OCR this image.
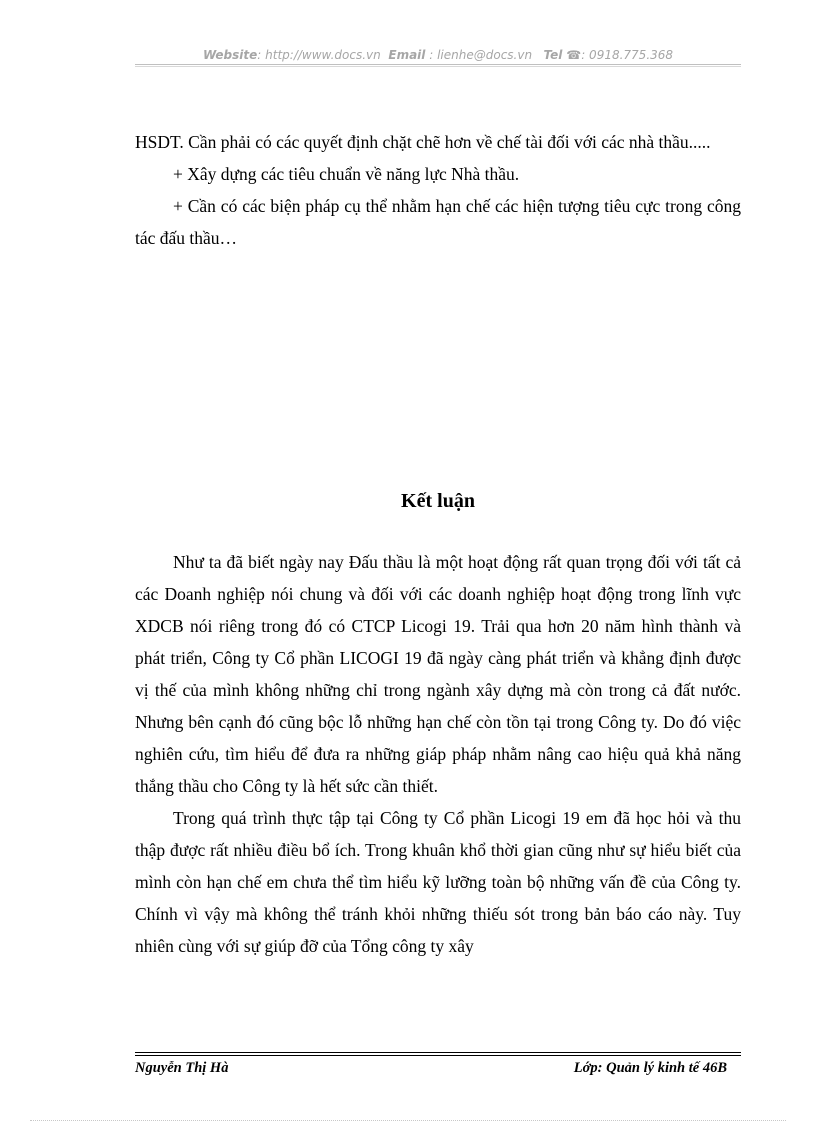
Website: http://www.docs.vn Email : lienhe@docs.vn Tel ☎: 0918.775.368

HSDT. Cần phải có các quyết định chặt chẽ hơn về chế tài đối với các nhà thầu.....

+ Xây dựng các tiêu chuẩn về năng lực Nhà thầu.

+ Cần có các biện pháp cụ thể nhằm hạn chế các hiện tượng tiêu cực trong công tác đấu thầu…

Kết luận

Như ta đã biết ngày nay Đấu thầu là một hoạt động rất quan trọng đối với tất cả các Doanh nghiệp nói chung và đối với các doanh nghiệp hoạt động trong lĩnh vực XDCB nói riêng trong đó có CTCP Licogi 19. Trải qua hơn 20 năm hình thành và phát triển, Công ty Cổ phần LICOGI 19 đã ngày càng phát triển và khẳng định được vị thế của mình không những chỉ trong ngành xây dựng mà còn trong cả đất nước. Nhưng bên cạnh đó cũng bộc lỗ những hạn chế còn tồn tại trong Công ty. Do đó việc nghiên cứu, tìm hiểu để đưa ra những giáp pháp nhằm nâng cao hiệu quả khả năng thắng thầu cho Công ty là hết sức cần thiết.

Trong quá trình thực tập tại Công ty Cổ phần Licogi 19 em đã học hỏi và thu thập được rất nhiều điều bổ ích. Trong khuân khổ thời gian cũng như sự hiểu biết của mình còn hạn chế em chưa thể tìm hiểu kỹ lưỡng toàn bộ những vấn đề của Công ty. Chính vì vậy mà không thể tránh khỏi những thiếu sót trong bản báo cáo này. Tuy nhiên cùng với sự giúp đỡ của Tổng công ty xây

Nguyễn Thị Hà	Lớp: Quản lý kinh tế 46B
